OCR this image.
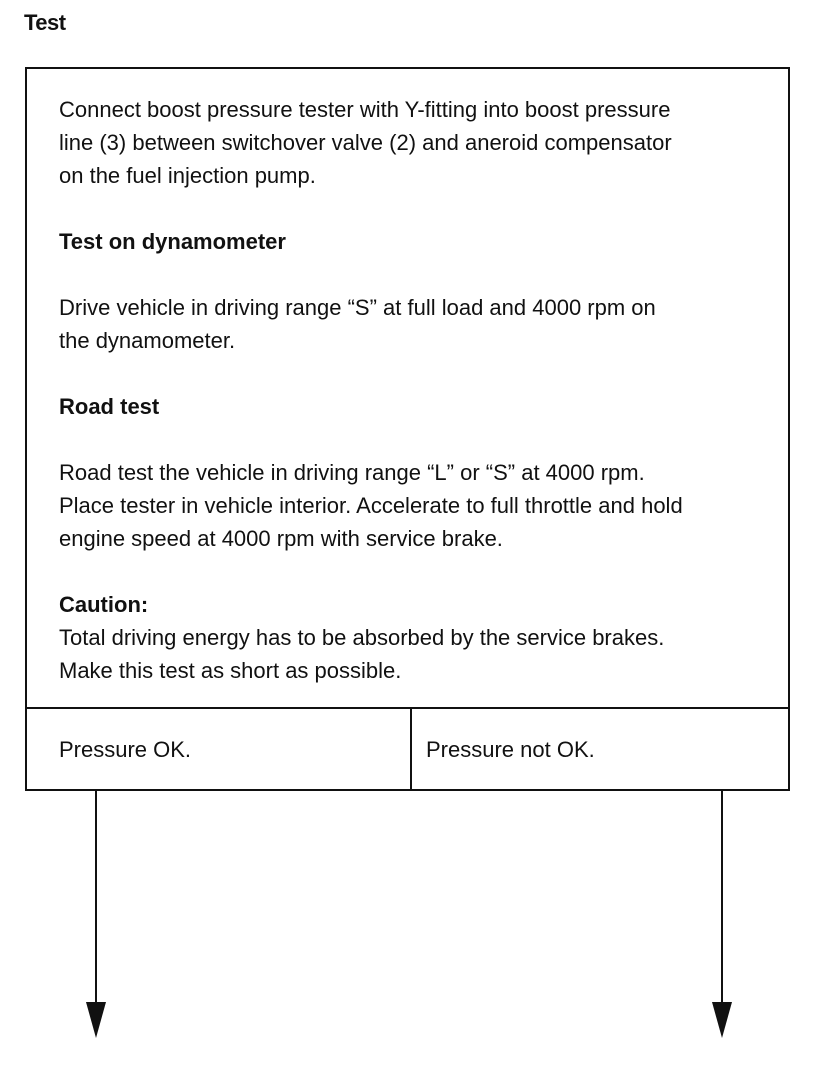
Test

Connect boost pressure tester with Y-fitting into boost pressure

line (3) between switchover valve (2) and aneroid compensator

on the fuel injection pump.

Test on dynamometer

Drive vehicle in driving range “S” at full load and 4000 rpm on

the dynamometer.

Road test

Road test the vehicle in driving range “L” or “S” at 4000 rpm.

Place tester in vehicle interior. Accelerate to full throttle and hold

engine speed at 4000 rpm with service brake.

Caution:

Total driving energy has to be absorbed by the service brakes.

Make this test as short as possible.

Pressure OK.	Pressure not OK.
